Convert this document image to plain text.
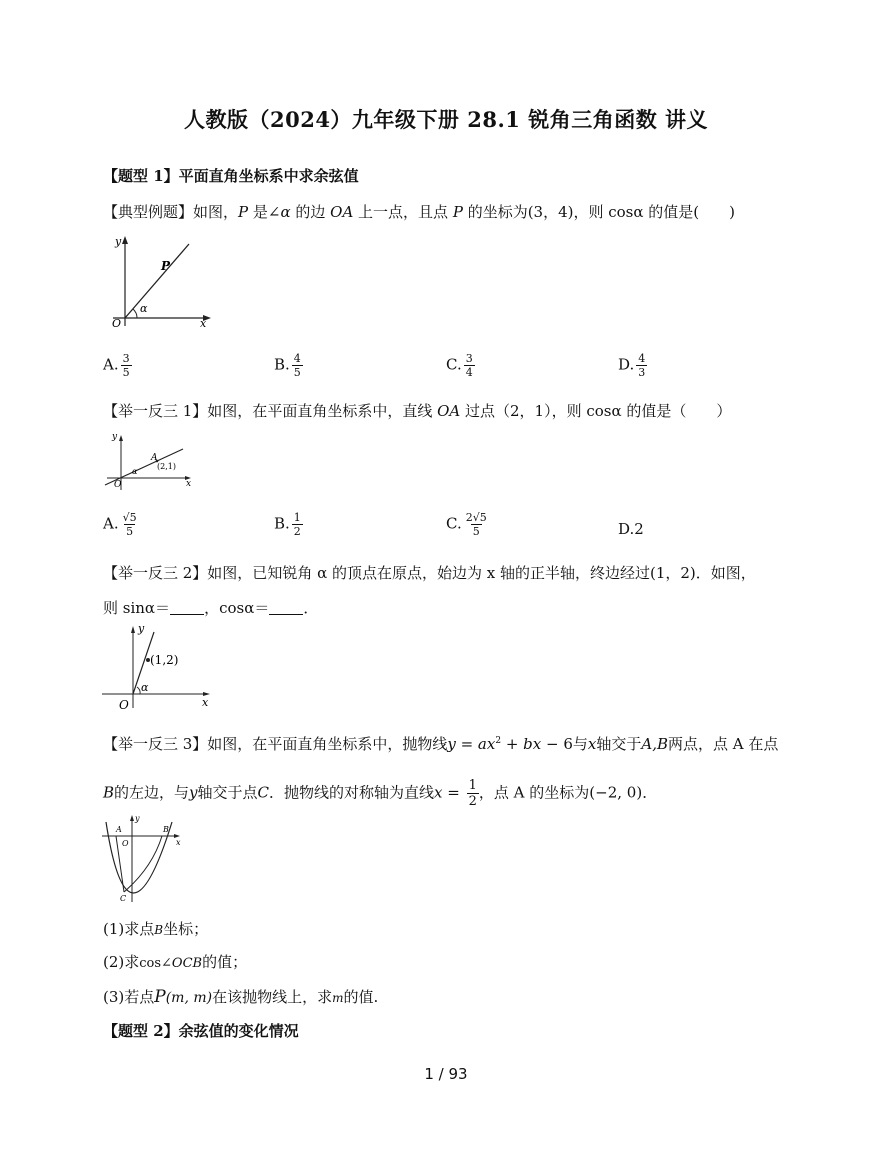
人教版（2024）九年级下册 28.1 锐角三角函数 讲义
【题型 1】平面直角坐标系中求余弦值
【典型例题】如图，P 是∠α 的边 OA 上一点，且点 P 的坐标为(3，4)，则 cosα 的值是(　　)
y
P
α
O	x
A. $\frac{3}{5}$	B. $\frac{4}{5}$	C. $\frac{3}{4}$	D. $\frac{4}{3}$
【举一反三 1】如图，在平面直角坐标系中，直线 OA 过点（2，1），则 cosα 的值是（　　）
y
A
(2,1)
α
O	x
A. $\frac{√5}{5}$	B. $\frac{1}{2}$	C. $\frac{2√5}{5}$	D.2
【举一反三 2】如图，已知锐角 α 的顶点在原点，始边为 x 轴的正半轴，终边经过(1，2)．如图，
则 sinα＝ ，cosα＝ ．
y
(1,2)
α
O	x
【举一反三 3】如图，在平面直角坐标系中，抛物线$y = ax^2$ + bx − 6与x轴交于A,B两点，点 A 在点
B的左边，与y轴交于点C．抛物线的对称轴为直线$x = \frac{1}{2}$ ，点 A 的坐标为(−2, 0)．
A
y
B
O	x
C
(1)求点B坐标；
(2)求cos∠OCB的值；
(3)若点P(m, m)在该抛物线上，求m的值.
【题型 2】余弦值的变化情况
1 / 93
